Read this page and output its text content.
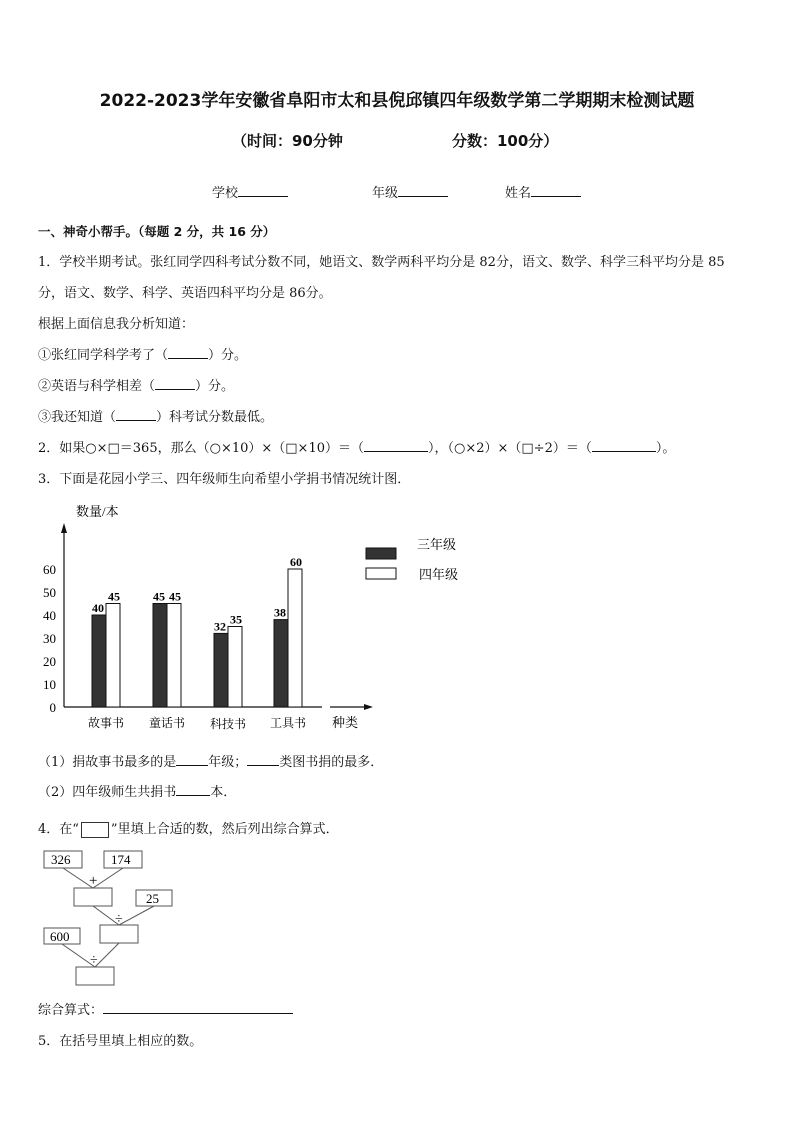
2022-2023学年安徽省阜阳市太和县倪邱镇四年级数学第二学期期末检测试题
（时间：90分钟	分数：100分）
学校	年级	姓名
一、神奇小帮手。（每题 2 分，共 16 分）
1．学校半期考试。张红同学四科考试分数不同，她语文、数学两科平均分是 82分，语文、数学、科学三科平均分是 85
分，语文、数学、科学、英语四科平均分是 86分。
根据上面信息我分析知道：
①张红同学科学考了（	）分。
②英语与科学相差（	）分。
③我还知道（	）科考试分数最低。
2．如果○×□＝365，那么（○×10）×（□×10）＝（	），（○×2）×（□÷2）＝（	）。
3．下面是花园小学三、四年级师生向希望小学捐书情况统计图．
数量/本
种类
0
10
20
30
40
50
60
40
45	45 45
32 35	38
60
故事书 童话书 科技书 工具书
三年级
四年级
（1）捐故事书最多的是 年级； 类图书捐的最多．
（2）四年级师生共捐书	本．
4．在“ ”里填上合适的数，然后列出综合算式．
326	174
+
25
÷
600
÷
综合算式：
5．在括号里填上相应的数。
